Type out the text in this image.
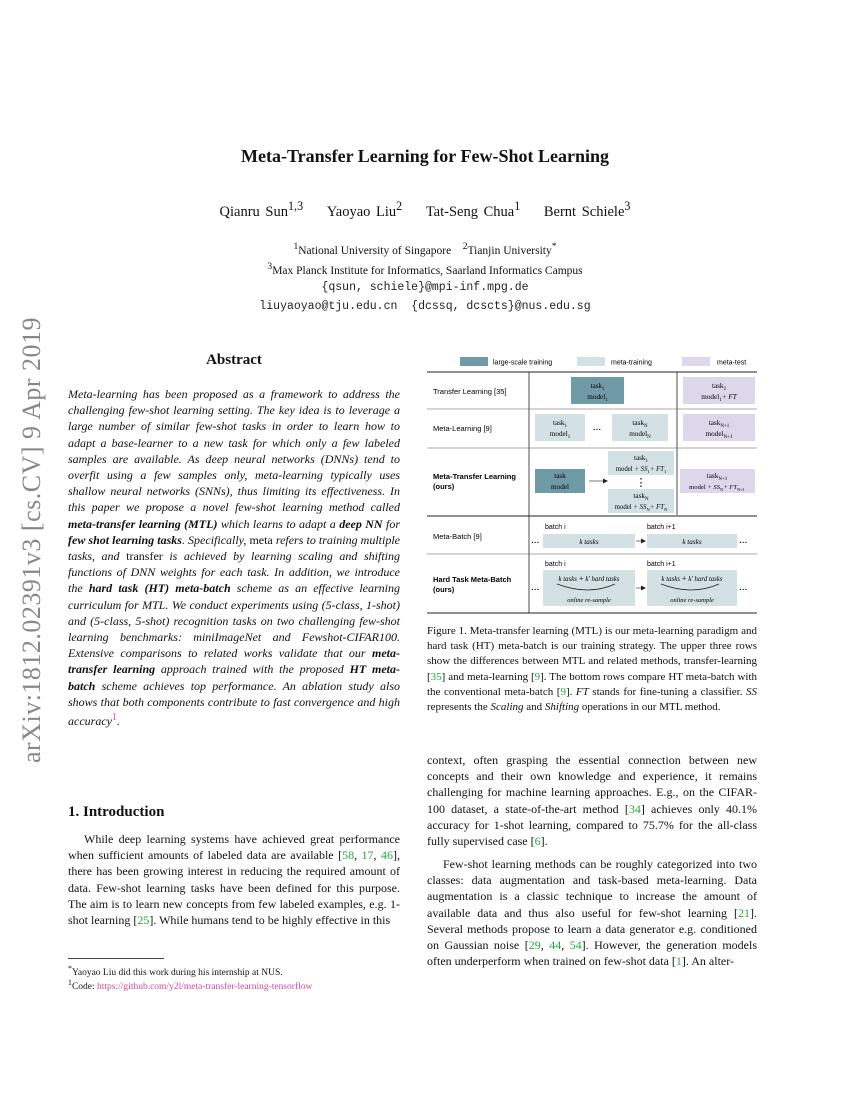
arXiv:1812.02391v3 [cs.CV] 9 Apr 2019
Meta-Transfer Learning for Few-Shot Learning
Qianru Sun$^{1,3}$ Yaoyao Liu$^2$ Tat-Seng Chua$^1$ Bernt Schiele$^3$
$^1$National University of Singapore $^2$Tianjin University*
$^3$Max Planck Institute for Informatics, Saarland Informatics Campus
{qsun, schiele}@mpi-inf.mpg.de
liuyaoyao@tju.edu.cn  {dcssq, dcscts}@nus.edu.sg
Abstract
Meta-learning has been proposed as a framework to address the challenging few-shot learning setting. The key idea is to leverage a large number of similar few-shot tasks in order to learn how to adapt a base-learner to a new task for which only a few labeled samples are available. As deep neural networks (DNNs) tend to overfit using a few samples only, meta-learning typically uses shallow neural networks (SNNs), thus limiting its effectiveness. In this paper we propose a novel few-shot learning method called meta-transfer learning (MTL) which learns to adapt a deep NN for few shot learning tasks. Specifically, meta refers to training multiple tasks, and transfer is achieved by learning scaling and shifting functions of DNN weights for each task. In addition, we introduce the hard task (HT) meta-batch scheme as an effective learning curriculum for MTL. We conduct experiments using (5-class, 1-shot) and (5-class, 5-shot) recognition tasks on two challenging few-shot learning benchmarks: miniImageNet and Fewshot-CIFAR100. Extensive comparisons to related works validate that our meta-transfer learning approach trained with the proposed HT meta-batch scheme achieves top performance. An ablation study also shows that both components contribute to fast convergence and high accuracy$^1$.
1. Introduction
While deep learning systems have achieved great performance when sufficient amounts of labeled data are available [58, 17, 46], there has been growing interest in reducing the required amount of data. Few-shot learning tasks have been defined for this purpose. The aim is to learn new concepts from few labeled examples, e.g. 1-shot learning [25]. While humans tend to be highly effective in this
*Yaoyao Liu did this work during his internship at NUS.
$^1$Code: https://github.com/y2l/meta-transfer-learning-tensorflow
large-scale training	meta-training	meta-test
Transfer Learning [35]
Meta-Learning [9]
Meta-Transfer Learning
(ours)
Meta-Batch [9]
Hard Task Meta-Batch
(ours)
task$_1$
model$_1$
task$_2$
model$_1$+ FT
task$_1$
model$_1$
...	task$_N$
model$_N$
task$_{N+1}$
model$_{N+1}$
task
model
task$_1$
model + $SS_1+ FT_1$
⋮
task$_N$
model + $SS_N+ FT_N$
task$_{N+1}$
model + $SS_N+ FT_{N+1}$
batch i	batch i+1
...	k tasks	k tasks	...
batch i	batch i+1
...
k tasks + k' hard tasks
online re-sample
k tasks + k' hard tasks
online re-sample
...
Figure 1. Meta-transfer learning (MTL) is our meta-learning paradigm and hard task (HT) meta-batch is our training strategy. The upper three rows show the differences between MTL and related methods, transfer-learning [35] and meta-learning [9]. The bottom rows compare HT meta-batch with the conventional meta-batch [9]. FT stands for fine-tuning a classifier. SS represents the Scaling and Shifting operations in our MTL method.
context, often grasping the essential connection between new concepts and their own knowledge and experience, it remains challenging for machine learning approaches. E.g., on the CIFAR-100 dataset, a state-of-the-art method [34] achieves only 40.1% accuracy for 1-shot learning, compared to 75.7% for the all-class fully supervised case [6].
Few-shot learning methods can be roughly categorized into two classes: data augmentation and task-based meta-learning. Data augmentation is a classic technique to increase the amount of available data and thus also useful for few-shot learning [21]. Several methods propose to learn a data generator e.g. conditioned on Gaussian noise [29, 44, 54]. However, the generation models often underperform when trained on few-shot data [1]. An alter-
